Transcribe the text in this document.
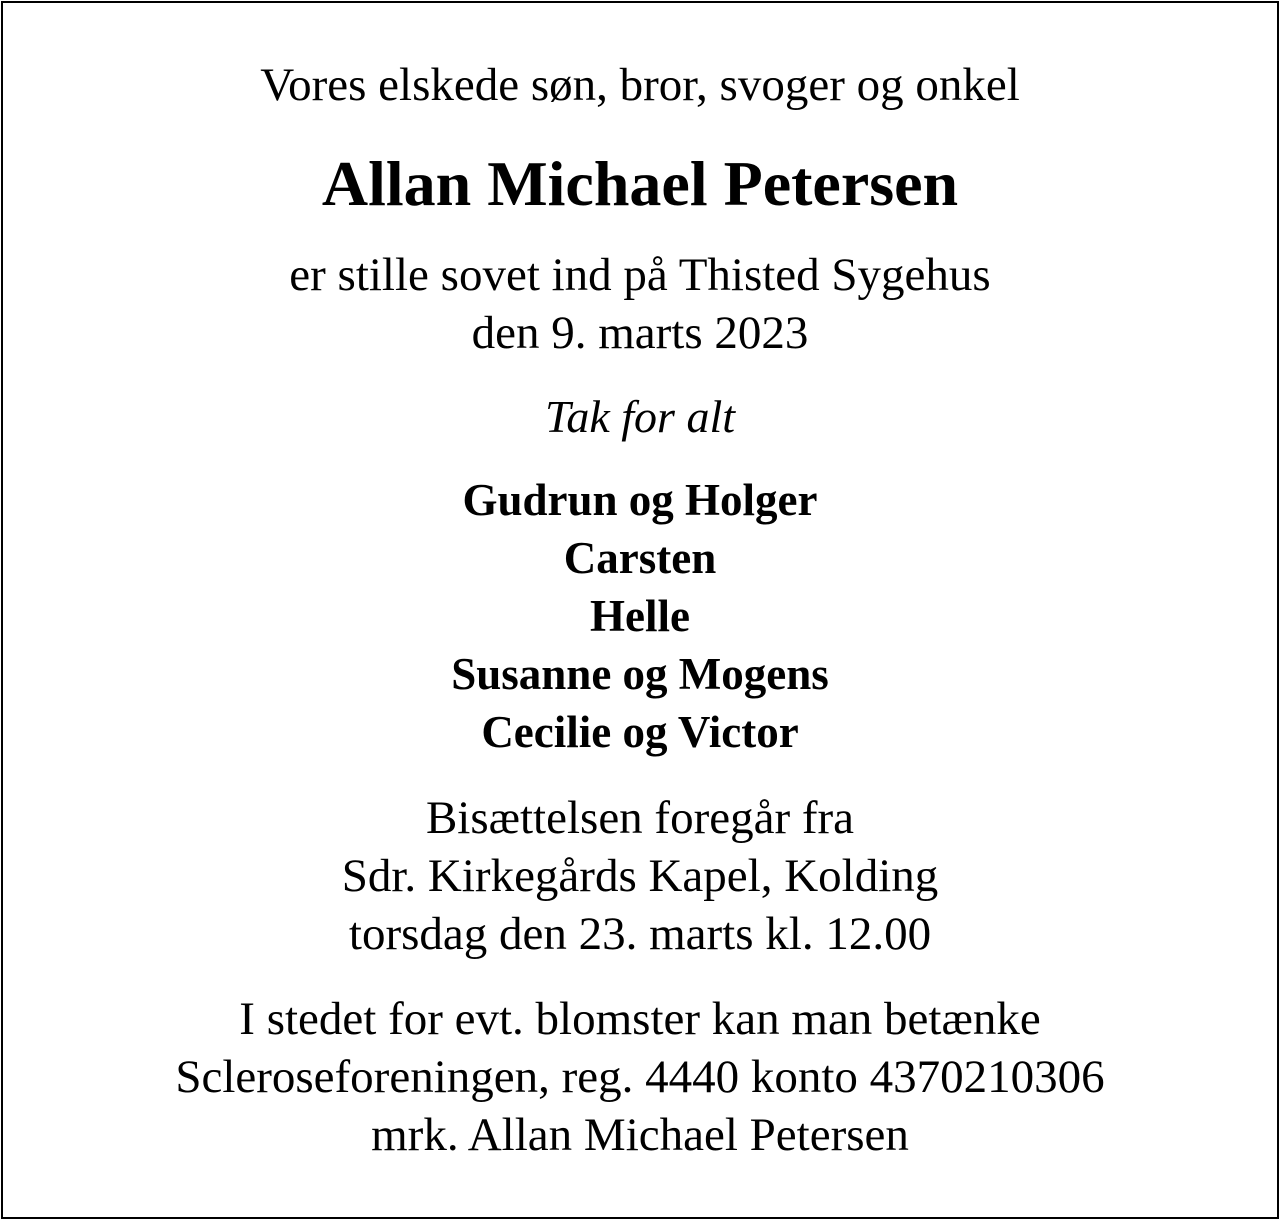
Vores elskede søn, bror, svoger og onkel
Allan Michael Petersen
er stille sovet ind på Thisted Sygehus
den 9. marts 2023
Tak for alt
Gudrun og Holger
Carsten
Helle
Susanne og Mogens
Cecilie og Victor
Bisættelsen foregår fra
Sdr. Kirkegårds Kapel, Kolding
torsdag den 23. marts kl. 12.00
I stedet for evt. blomster kan man betænke
Scleroseforeningen, reg. 4440 konto 4370210306
mrk. Allan Michael Petersen
